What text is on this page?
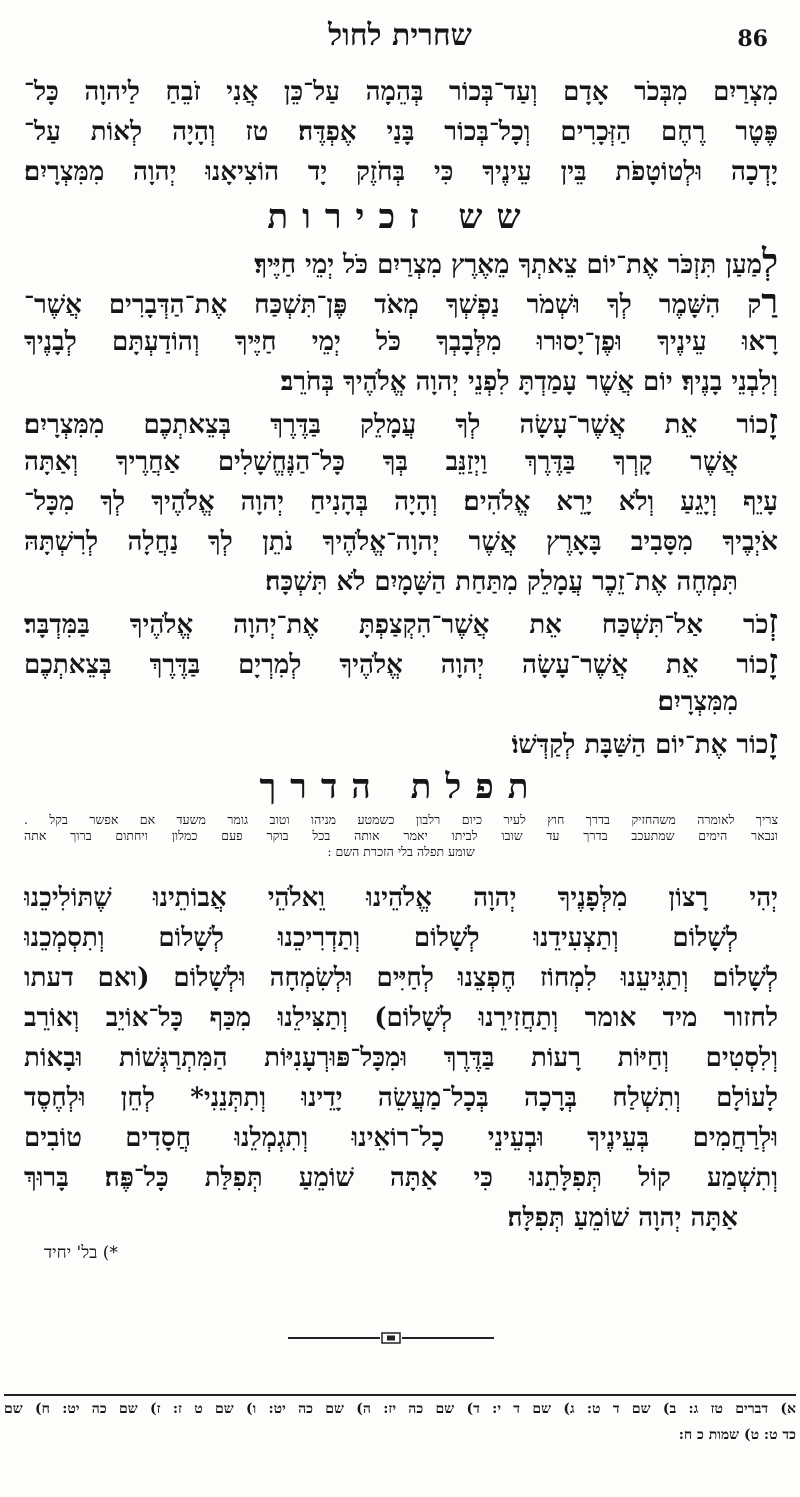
שחרית לחול	86
מִצְרַיִם מִבְּכֹר אָדָם וְעַד־בְּכוֹר בְּהֵמָה עַל־כֵּן אֲנִי זֹבֵחַ לַיהוָה כָּל־
פֶּטֶר רֶחֶם הַזְּכָרִים וְכָל־בְּכוֹר בָּנַי אֶפְדֶּה׃ טז וְהָיָה לְאוֹת עַל־
יָדְכָה וּלְטוֹטָפֹת בֵּין עֵינֶיךָ כִּי בְּחֹזֶק יָד הוֹצִיאָנוּ יְהוָה מִמִּצְרָיִם׃
שש זכירות
לְמַעַן תִּזְכֹּר אֶת־יוֹם צֵאתְךָ מֵאֶרֶץ מִצְרַיִם כֹּל יְמֵי חַיֶּיךָ׃
רַק הִשָּׁמֶר לְךָ וּשְׁמֹר נַפְשְׁךָ מְאֹד פֶּן־תִּשְׁכַּח אֶת־הַדְּבָרִים אֲשֶׁר־
רָאוּ עֵינֶיךָ וּפֶן־יָסוּרוּ מִלְּבָבְךָ כֹּל יְמֵי חַיֶּיךָ וְהוֹדַעְתָּם לְבָנֶיךָ
וְלִבְנֵי בָנֶיךָ׃ יוֹם אֲשֶׁר עָמַדְתָּ לִפְנֵי יְהוָה אֱלֹהֶיךָ בְּחֹרֵב׃
זָכוֹר אֵת אֲשֶׁר־עָשָׂה לְךָ עֲמָלֵק בַּדֶּרֶךְ בְּצֵאתְכֶם מִמִּצְרָיִם׃
אֲשֶׁר קָרְךָ בַּדֶּרֶךְ וַיְזַנֵּב בְּךָ כָּל־הַנֶּחֱשָׁלִים אַחֲרֶיךָ וְאַתָּה
עָיֵף וְיָגֵעַ וְלֹא יָרֵא אֱלֹהִים׃ וְהָיָה בְּהָנִיחַ יְהוָה אֱלֹהֶיךָ לְךָ מִכָּל־
אֹיְבֶיךָ מִסָּבִיב בָּאָרֶץ אֲשֶׁר יְהוָה־אֱלֹהֶיךָ נֹתֵן לְךָ נַחֲלָה לְרִשְׁתָּהּ
תִּמְחֶה אֶת־זֵכֶר עֲמָלֵק מִתַּחַת הַשָּׁמָיִם לֹא תִּשְׁכָּח׃
זְכֹר אַל־תִּשְׁכַּח אֵת אֲשֶׁר־הִקְצַפְתָּ אֶת־יְהוָה אֱלֹהֶיךָ בַּמִּדְבָּר׃
זָכוֹר אֵת אֲשֶׁר־עָשָׂה יְהוָה אֱלֹהֶיךָ לְמִרְיָם בַּדֶּרֶךְ בְּצֵאתְכֶם
מִמִּצְרָיִם׃
זָכוֹר אֶת־יוֹם הַשַּׁבָּת לְקַדְּשׁוֹ׃
תפלת הדרך
צריך לאומרה משהחזיק בדרך חוץ לעיר כיום רלבון כשמטע מניהו וטוב גומר משעד אם אפשר בקל .
ונבאר הימים שמתעכב בדרך עד שובו לביתו יאמר אותה בכל בוקר פעם כמלון ויחתום ברוך אתה
שומע תפלה בלי הזכרת השם :
יְהִי רָצוֹן מִלְּפָנֶיךָ יְהוָה אֱלֹהֵינוּ וֵאלֹהֵי אֲבוֹתֵינוּ שֶׁתּוֹלִיכֵנוּ
לְשָׁלוֹם וְתַצְעִידֵנוּ לְשָׁלוֹם וְתַדְרִיכֵנוּ לְשָׁלוֹם וְתִסְמְכֵנוּ
לְשָׁלוֹם וְתַגִּיעֵנוּ לִמְחוֹז חֶפְצֵנוּ לְחַיִּים וּלְשִׂמְחָה וּלְשָׁלוֹם (ואם דעתו
לחזור מיד אומר וְתַחֲזִירֵנוּ לְשָׁלוֹם) וְתַצִּילֵנוּ מִכַּף כָּל־אוֹיֵב וְאוֹרֵב
וְלִסְטִים וְחַיּוֹת רָעוֹת בַּדֶּרֶךְ וּמִכָּל־פּוּרְעָנִיּוֹת הַמִּתְרַגְּשׁוֹת וּבָאוֹת
לָעוֹלָם וְתִשְׁלַח בְּרָכָה בְּכָל־מַעֲשֵׂה יָדֵינוּ וְתִתְּנֵנִי* לְחֵן וּלְחֶסֶד
וּלְרַחֲמִים בְּעֵינֶיךָ וּבְעֵינֵי כָל־רוֹאֵינוּ וְתִגְמְלֵנוּ חֲסָדִים טוֹבִים
וְתִשְׁמַע קוֹל תְּפִלָּתֵנוּ כִּי אַתָּה שׁוֹמֵעַ תְּפִלַּת כָּל־פֶּה׃ בָּרוּךְ
אַתָּה יְהוָה שׁוֹמֵעַ תְּפִלָּה׃
*) בל' יחיד
א) דברים טז ג: ב) שם ד ט: ג) שם ד י: ד) שם כה יז: ה) שם כה יט: ו) שם ט ז: ז) שם כה יט: ח) שם
כד ט: ט) שמות כ ח:
